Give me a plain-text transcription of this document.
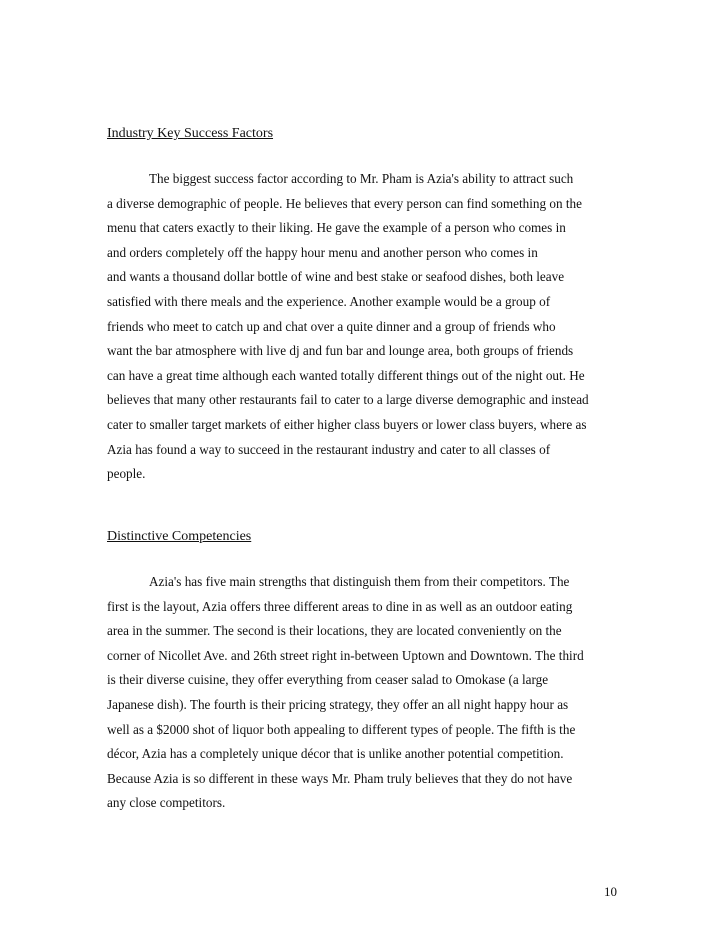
Industry Key Success Factors
The biggest success factor according to Mr. Pham is Azia's ability to attract such
a diverse demographic of people. He believes that every person can find something on the
menu that caters exactly to their liking. He gave the example of a person who comes in
and orders completely off the happy hour menu and another person who comes in
and wants a thousand dollar bottle of wine and best stake or seafood dishes, both leave
satisfied with there meals and the experience. Another example would be a group of
friends who meet to catch up and chat over a quite dinner and a group of friends who
want the bar atmosphere with live dj and fun bar and lounge area, both groups of friends
can have a great time although each wanted totally different things out of the night out. He
believes that many other restaurants fail to cater to a large diverse demographic and instead
cater to smaller target markets of either higher class buyers or lower class buyers, where as
Azia has found a way to succeed in the restaurant industry and cater to all classes of
people.
Distinctive Competencies
Azia's has five main strengths that distinguish them from their competitors. The
first is the layout, Azia offers three different areas to dine in as well as an outdoor eating
area in the summer. The second is their locations, they are located conveniently on the
corner of Nicollet Ave. and 26th street right in-between Uptown and Downtown. The third
is their diverse cuisine, they offer everything from ceaser salad to Omokase (a large
Japanese dish). The fourth is their pricing strategy, they offer an all night happy hour as
well as a $2000 shot of liquor both appealing to different types of people. The fifth is the
décor, Azia has a completely unique décor that is unlike another potential competition.
Because Azia is so different in these ways Mr. Pham truly believes that they do not have
any close competitors.
10
